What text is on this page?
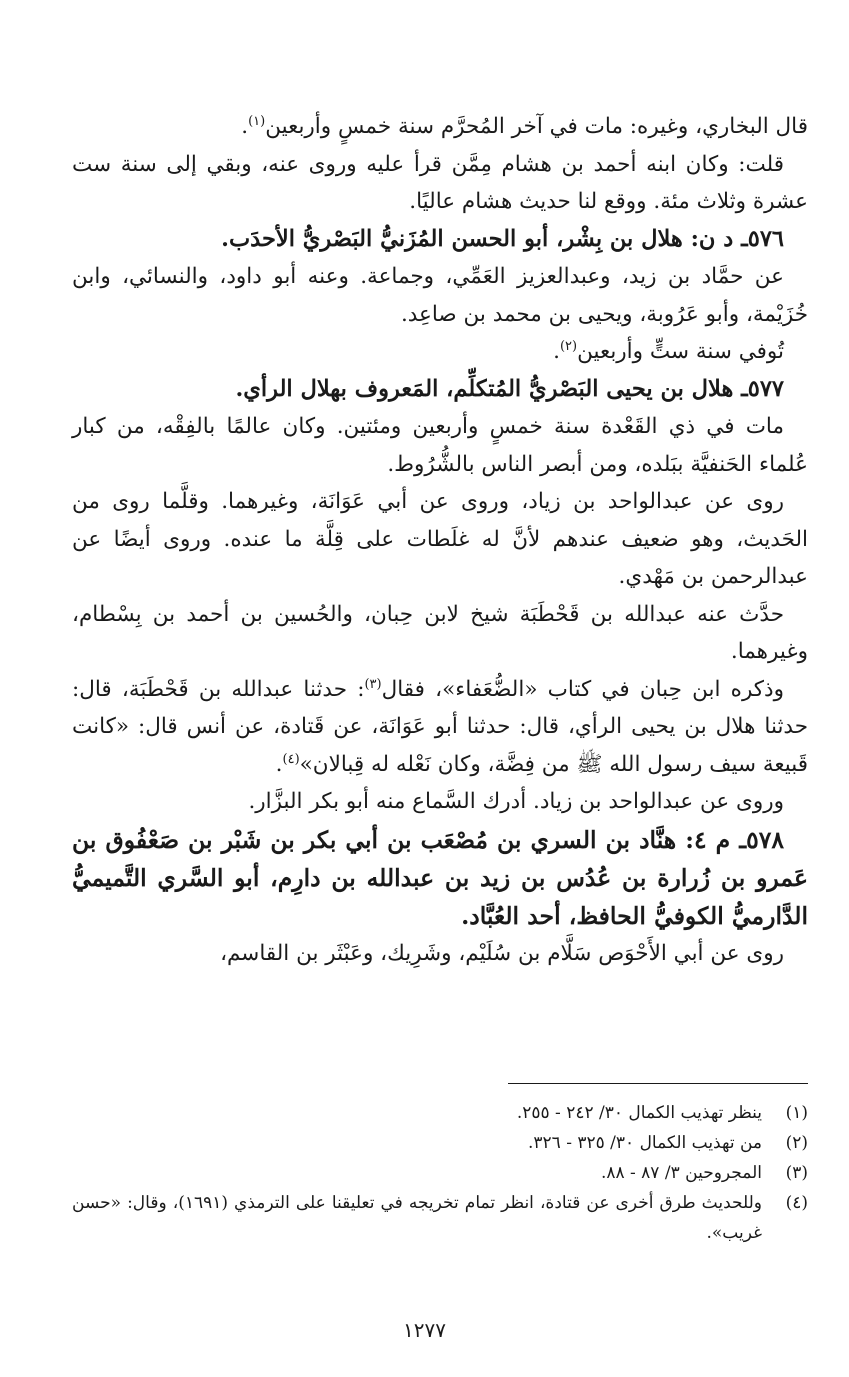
قال البخاري، وغيره: مات في آخر المُحرَّم سنة خمسٍ وأربعين$^{(١)}$.

قلت: وكان ابنه أحمد بن هشام مِمَّن قرأ عليه وروى عنه، وبقي إلى سنة ست عشرة وثلاث مئة. ووقع لنا حديث هشام عاليًا.

٥٧٦ـ د ن: هلال بن بِشْر، أبو الحسن المُزَنيُّ البَصْريُّ الأحدَب.

عن حمَّاد بن زيد، وعبدالعزيز العَمِّي، وجماعة. وعنه أبو داود، والنسائي، وابن خُزَيْمة، وأبو عَرُوبة، ويحيى بن محمد بن صاعِد.

تُوفي سنة ستٍّ وأربعين$^{(٢)}$.

٥٧٧ـ هلال بن يحيى البَصْريُّ المُتكلِّم، المَعروف بهلال الرأي.

مات في ذي القَعْدة سنة خمسٍ وأربعين ومئتين. وكان عالمًا بالفِقْه، من كبار عُلماء الحَنفيَّة ببَلده، ومن أبصر الناس بالشُّرُوط.

روى عن عبدالواحد بن زياد، وروى عن أبي عَوَانَة، وغيرهما. وقلَّما روى من الحَديث، وهو ضعيف عندهم لأنَّ له غلَطات على قِلَّة ما عنده. وروى أيضًا عن عبدالرحمن بن مَهْدي.

حدَّث عنه عبدالله بن قَحْطَبَة شيخ لابن حِبان، والحُسين بن أحمد بن بِسْطام، وغيرهما.

وذكره ابن حِبان في كتاب «الضُّعَفاء»، فقال$^{(٣)}$: حدثنا عبدالله بن قَحْطَبَة، قال: حدثنا هلال بن يحيى الرأي، قال: حدثنا أبو عَوَانَة، عن قَتادة، عن أنس قال: «كانت قَبيعة سيف رسول الله ﷺ من فِضَّة، وكان نَعْله له قِبالان»$^{(٤)}$.

وروى عن عبدالواحد بن زياد. أدرك السَّماع منه أبو بكر البزَّار.

٥٧٨ـ م ٤: هنَّاد بن السري بن مُصْعَب بن أبي بكر بن شَبْر بن صَعْفُوق بن عَمرو بن زُرارة بن عُدُس بن زيد بن عبدالله بن دارِم، أبو السَّري التَّميميُّ الدَّارميُّ الكوفيُّ الحافظ، أحد العُبَّاد.

روى عن أبي الأَحْوَص سَلَّام بن سُلَيْم، وشَرِيك، وعَبْثَر بن القاسم،

(١)
ينظر تهذيب الكمال ٣٠/ ٢٤٢ - ٢٥٥.
(٢)
من تهذيب الكمال ٣٠/ ٣٢٥ - ٣٢٦.
(٣)
المجروحين ٣/ ٨٧ - ٨٨.
(٤)
وللحديث طرق أخرى عن قتادة، انظر تمام تخريجه في تعليقنا على الترمذي (١٦٩١)، وقال: «حسن غريب».
١٢٧٧
